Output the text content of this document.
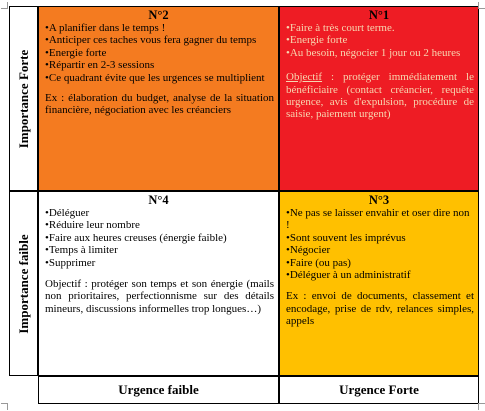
Importance Forte
Importance faible
N°2
•A planifier dans le temps !
•Anticiper ces taches vous fera gagner du temps
•Energie forte
•Répartir en 2-3 sessions
•Ce quadrant évite que les urgences se multiplient

Ex : élaboration du budget, analyse de la situation financière, négociation avec les créanciers

N°1
•Faire à très court terme.
•Energie forte
•Au besoin, négocier 1 jour ou 2 heures

Objectif : protéger immédiatement le bénéficiaire (contact créancier, requête urgence, avis d'expulsion, procédure de saisie, paiement urgent)

N°4
•Déléguer
•Réduire leur nombre
•Faire aux heures creuses (énergie faible)
•Temps à limiter
•Supprimer

Objectif : protéger son temps et son énergie (mails non prioritaires, perfectionnisme sur des détails mineurs, discussions informelles trop longues…)

N°3
•Ne pas se laisser envahir et oser dire non !
•Sont souvent les imprévus
•Négocier
•Faire (ou pas)
•Déléguer à un administratif

Ex : envoi de documents, classement et encodage, prise de rdv, relances simples, appels

Urgence faible	Urgence Forte
